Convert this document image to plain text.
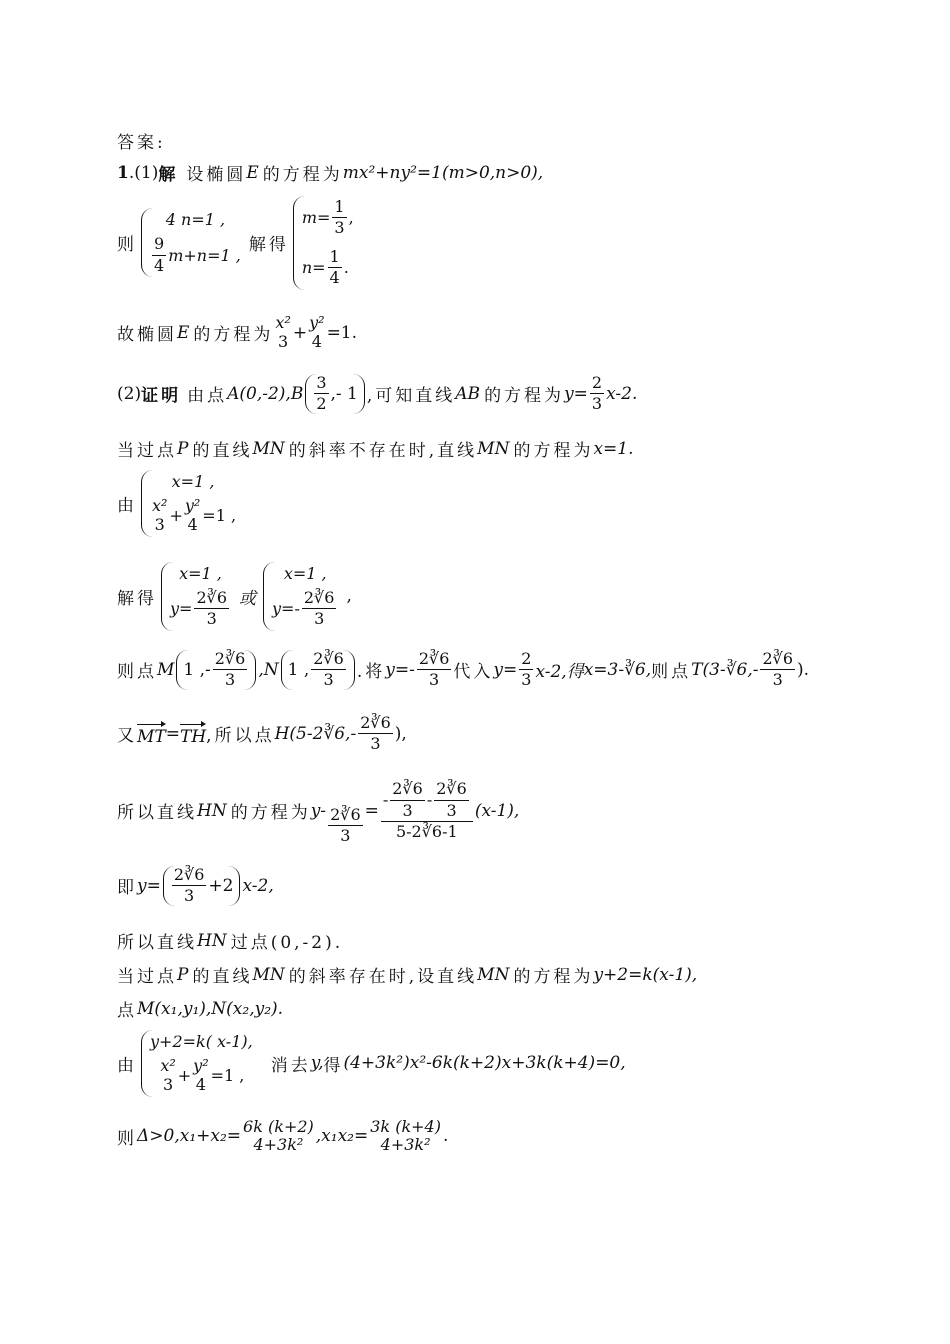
答案:
1 .(1) 解 设椭圆 E 的方程为 mx²+ny²=1(m>0,n>0),
则
4 n=1 ,
$\frac{9}{4} m+n=1$ , 解得
$m= \frac{1}{3}$ ,
$n= \frac{1}{4}$ .
故椭圆 E 的方程为
x²
3 +
y²
4 =1.
(2) 证明 由点 $A(0,-2),B \frac{3}{2}$ ,- 1 ,可知直线 AB 的方程为 $y= \frac{2}{3} x-2$.
当过点 P 的直线 MN 的斜率不存在时,直线 MN 的方程为 x=1.
由
x=1 ,
x²
3 +
y²
4 =1 ,
解得
x=1 ,
$y= \frac{2∛6}{3}$ 或
x=1 ,
$y=- \frac{2∛6}{3}$ ,
则点 M 1 ,- $\frac{2∛6}{3} ,N$ 1 , $\frac{2∛6}{3}$ .将 $y=- \frac{2∛6}{3}$ 代入 $y= \frac{2}{3} x-2$,得 x=3-∛6, 则点 T(3-∛6,- $\frac{2∛6}{3}$ ).
又 MT = TH ,所以点 H(5-2∛6,- $\frac{2∛6}{3}$ ),
所以直线 HN 的方程为 $y- \frac{2∛6}{3} = \frac{- \frac{2∛6}{3} - \frac{2∛6}{3}}{5-2∛6-1} (x-1)$,
即 $y= \frac{2∛6}{3} +2$ x-2,
所以直线 HN 过点(0,-2).
当过点 P 的直线 MN 的斜率存在时,设直线 MN 的方程为 y+2=k(x-1),
点 M(x₁,y₁),N(x₂,y₂).
由
y+2=k( x-1),
x²
3 +
y²
4 =1 , 消去 y, 得 (4+3k²)x²-6k(k+2)x+3k(k+4)=0,
则 Δ>0,x₁+x₂= 6k (k+2)
4+3k² ,x₁x₂= 3k (k+4)
4+3k² .
